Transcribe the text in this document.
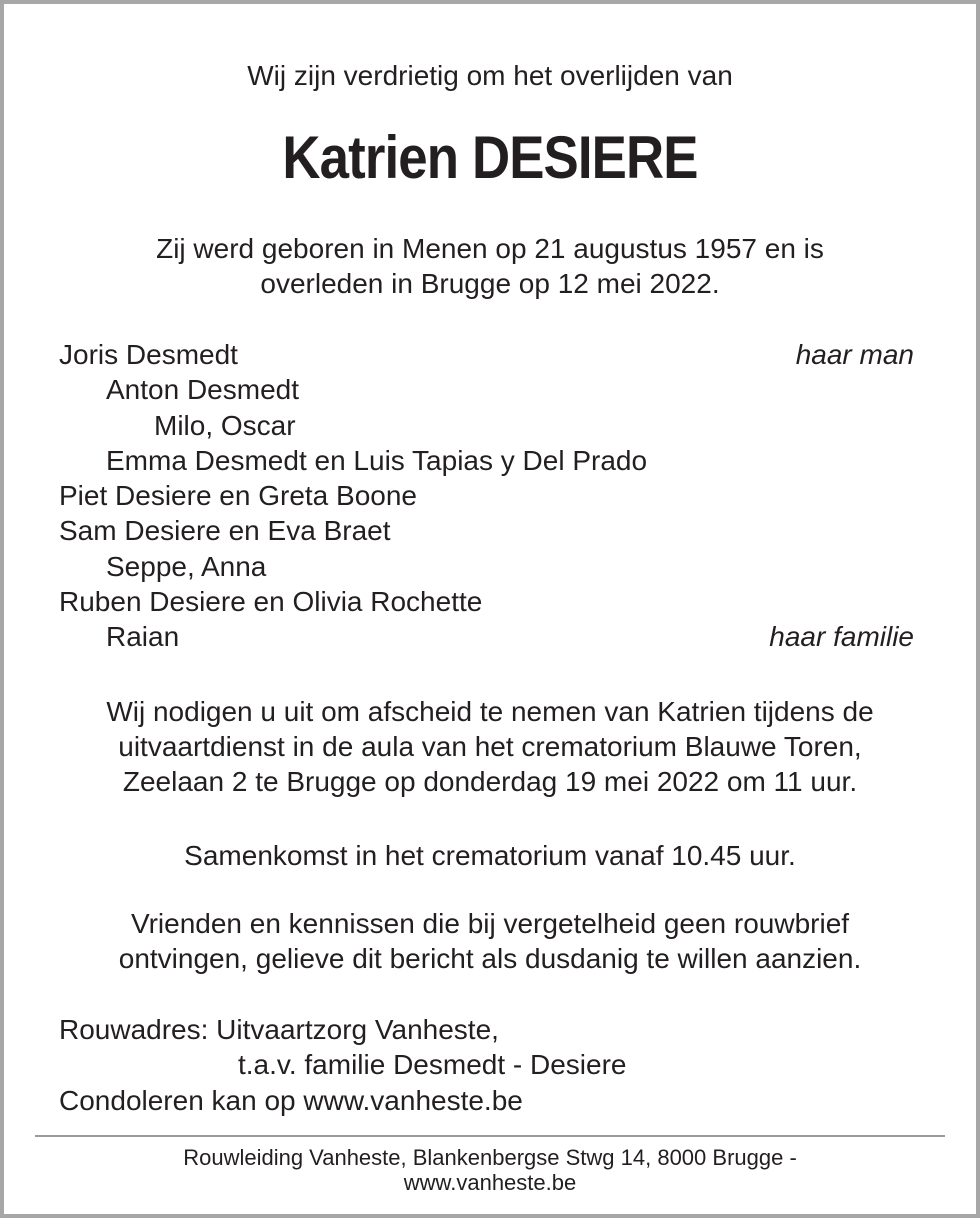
Wij zijn verdrietig om het overlijden van
Katrien DESIERE
Zij werd geboren in Menen op 21 augustus 1957 en is
overleden in Brugge op 12 mei 2022.
Joris Desmedt	haar man
Anton Desmedt
Milo, Oscar
Emma Desmedt en Luis Tapias y Del Prado
Piet Desiere en Greta Boone
Sam Desiere en Eva Braet
Seppe, Anna
Ruben Desiere en Olivia Rochette
Raian	haar familie
Wij nodigen u uit om afscheid te nemen van Katrien tijdens de
uitvaartdienst in de aula van het crematorium Blauwe Toren,
Zeelaan 2 te Brugge op donderdag 19 mei 2022 om 11 uur.
Samenkomst in het crematorium vanaf 10.45 uur.
Vrienden en kennissen die bij vergetelheid geen rouwbrief
ontvingen, gelieve dit bericht als dusdanig te willen aanzien.
Rouwadres: Uitvaartzorg Vanheste,
t.a.v. familie Desmedt - Desiere
Condoleren kan op www.vanheste.be
Rouwleiding Vanheste, Blankenbergse Stwg 14, 8000 Brugge -
www.vanheste.be
